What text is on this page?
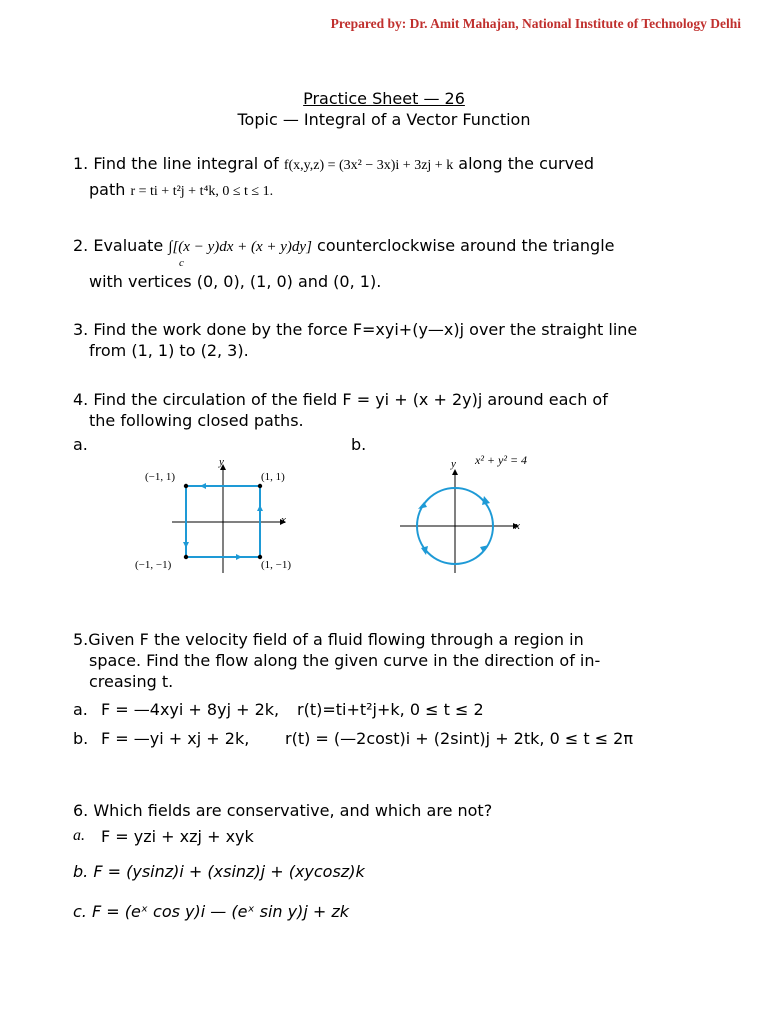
Prepared by: Dr. Amit Mahajan, National Institute of Technology Delhi
Practice Sheet — 26
Topic — Integral of a Vector Function
1. Find the line integral of f(x,y,z) = (3x² − 3x)i + 3zj + k along the curved
path r = ti + t²j + t⁴k, 0 ≤ t ≤ 1.
2. Evaluate ∫[(x − y)dx + (x + y)dy] counterclockwise around the triangle
c
with vertices (0, 0), (1, 0) and (0, 1).
3. Find the work done by the force F=xyi+(y—x)j over the straight line
from (1, 1) to (2, 3).
4. Find the circulation of the field F = yi + (x + 2y)j around each of
the following closed paths.
a.	b.
y
x
(−1, 1)	(1, 1)
(−1, −1)	(1, −1)
y
x
x² + y² = 4
5.Given F the velocity field of a fluid flowing through a region in
space. Find the flow along the given curve in the direction of in-
creasing t.
a. F = —4xyi + 8yj + 2k, r(t)=ti+t²j+k, 0 ≤ t ≤ 2
b. F = —yi + xj + 2k, r(t) = (—2cost)i + (2sint)j + 2tk, 0 ≤ t ≤ 2π
6. Which fields are conservative, and which are not?
a. F = yzi + xzj + xyk
b. F = (ysinz)i + (xsinz)j + (xycosz)k
c. F = (eˣ cos y)i — (eˣ sin y)j + zk
